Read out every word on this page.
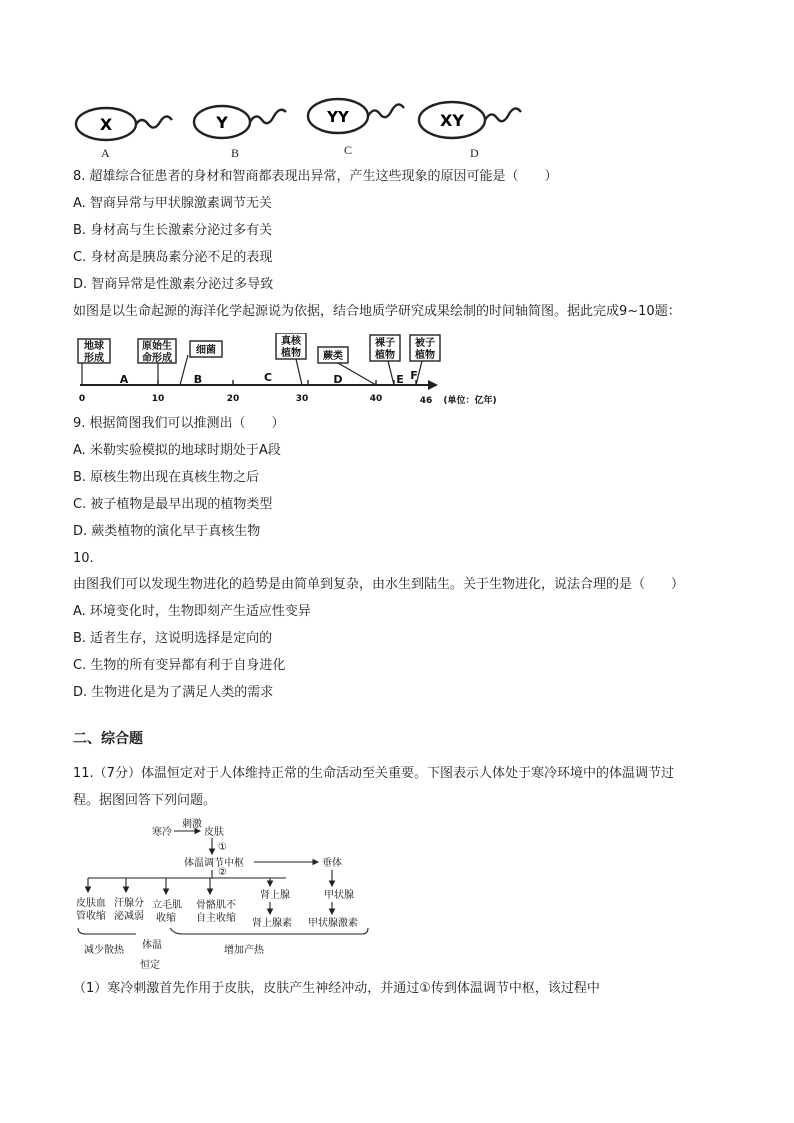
X	Y	YY	XY
A	B	C	D
8. 超雄综合征患者的身材和智商都表现出异常，产生这些现象的原因可能是（　　）
A. 智商异常与甲状腺激素调节无关
B. 身材高与生长激素分泌过多有关
C. 身材高是胰岛素分泌不足的表现
D. 智商异常是性激素分泌过多导致
如图是以生命起源的海洋化学起源说为依据，结合地质学研究成果绘制的时间轴简图。据此完成9~10题：
地球
形成
原始生
命形成
细菌
真核
植物 蕨类
裸子
植物
被子
植物
A	B	C	D	E F
0	10	20	30	40	46 (单位：亿年)
9. 根据简图我们可以推测出（　　）
A. 米勒实验模拟的地球时期处于A段
B. 原核生物出现在真核生物之后
C. 被子植物是最早出现的植物类型
D. 蕨类植物的演化早于真核生物
10.
由图我们可以发现生物进化的趋势是由简单到复杂，由水生到陆生。关于生物进化，说法合理的是（　　）
A. 环境变化时，生物即刻产生适应性变异
B. 适者生存，这说明选择是定向的
C. 生物的所有变异都有利于自身进化
D. 生物进化是为了满足人类的需求
二、综合题
11.（7分）体温恒定对于人体维持正常的生命活动至关重要。下图表示人体处于寒冷环境中的体温调节过
程。据图回答下列问题。
寒冷
刺激
皮肤
①
体温调节中枢
②
垂体
甲状腺
甲状腺激素
肾上腺
肾上腺素
皮肤血
管收缩
汗腺分
泌减弱
立毛肌
收缩
骨骼肌不
自主收缩
减少散热 体温	增加产热
恒定
（1）寒冷刺激首先作用于皮肤，皮肤产生神经冲动，并通过①传到体温调节中枢，该过程中
